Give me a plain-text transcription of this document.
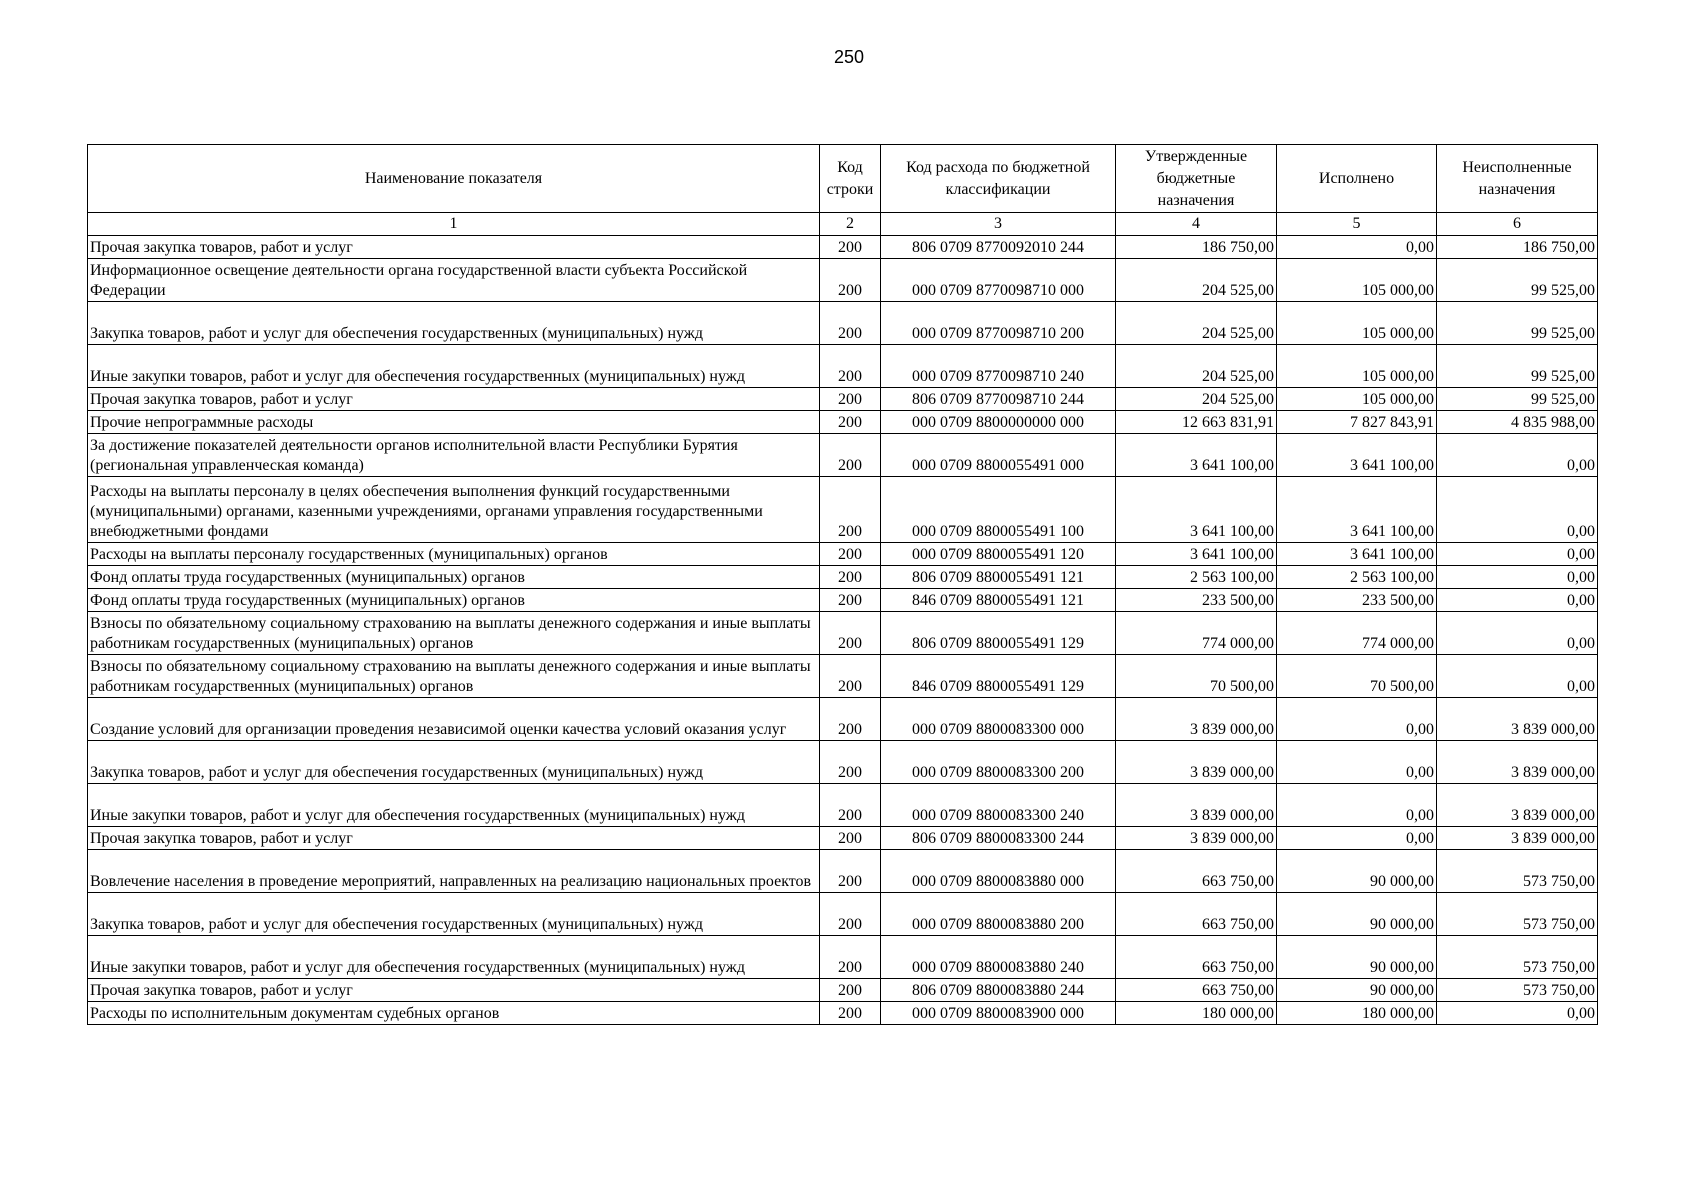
250
Наименование показателя	Код строки	Код расхода по бюджетной классификации	Утвержденные бюджетные назначения	Исполнено	Неисполненные назначения
1	2	3	4	5	6
Прочая закупка товаров, работ и услуг	200	806 0709 8770092010 244	186 750,00	0,00	186 750,00
Информационное освещение деятельности органа государственной власти субъекта Российской Федерации	200	000 0709 8770098710 000	204 525,00	105 000,00	99 525,00
Закупка товаров, работ и услуг для обеспечения государственных (муниципальных) нужд	200	000 0709 8770098710 200	204 525,00	105 000,00	99 525,00
Иные закупки товаров, работ и услуг для обеспечения государственных (муниципальных) нужд	200	000 0709 8770098710 240	204 525,00	105 000,00	99 525,00
Прочая закупка товаров, работ и услуг	200	806 0709 8770098710 244	204 525,00	105 000,00	99 525,00
Прочие непрограммные расходы	200	000 0709 8800000000 000	12 663 831,91	7 827 843,91	4 835 988,00
За достижение показателей деятельности органов исполнительной власти Республики Бурятия (региональная управленческая команда)	200	000 0709 8800055491 000	3 641 100,00	3 641 100,00	0,00
Расходы на выплаты персоналу в целях обеспечения выполнения функций государственными (муниципальными) органами, казенными учреждениями, органами управления государственными внебюджетными фондами	200	000 0709 8800055491 100	3 641 100,00	3 641 100,00	0,00
Расходы на выплаты персоналу государственных (муниципальных) органов	200	000 0709 8800055491 120	3 641 100,00	3 641 100,00	0,00
Фонд оплаты труда государственных (муниципальных) органов	200	806 0709 8800055491 121	2 563 100,00	2 563 100,00	0,00
Фонд оплаты труда государственных (муниципальных) органов	200	846 0709 8800055491 121	233 500,00	233 500,00	0,00
Взносы по обязательному социальному страхованию на выплаты денежного содержания и иные выплаты работникам государственных (муниципальных) органов	200	806 0709 8800055491 129	774 000,00	774 000,00	0,00
Взносы по обязательному социальному страхованию на выплаты денежного содержания и иные выплаты работникам государственных (муниципальных) органов	200	846 0709 8800055491 129	70 500,00	70 500,00	0,00
Создание условий для организации проведения независимой оценки качества условий оказания услуг	200	000 0709 8800083300 000	3 839 000,00	0,00	3 839 000,00
Закупка товаров, работ и услуг для обеспечения государственных (муниципальных) нужд	200	000 0709 8800083300 200	3 839 000,00	0,00	3 839 000,00
Иные закупки товаров, работ и услуг для обеспечения государственных (муниципальных) нужд	200	000 0709 8800083300 240	3 839 000,00	0,00	3 839 000,00
Прочая закупка товаров, работ и услуг	200	806 0709 8800083300 244	3 839 000,00	0,00	3 839 000,00
Вовлечение населения в проведение мероприятий, направленных на реализацию национальных проектов	200	000 0709 8800083880 000	663 750,00	90 000,00	573 750,00
Закупка товаров, работ и услуг для обеспечения государственных (муниципальных) нужд	200	000 0709 8800083880 200	663 750,00	90 000,00	573 750,00
Иные закупки товаров, работ и услуг для обеспечения государственных (муниципальных) нужд	200	000 0709 8800083880 240	663 750,00	90 000,00	573 750,00
Прочая закупка товаров, работ и услуг	200	806 0709 8800083880 244	663 750,00	90 000,00	573 750,00
Расходы по исполнительным документам судебных органов	200	000 0709 8800083900 000	180 000,00	180 000,00	0,00
